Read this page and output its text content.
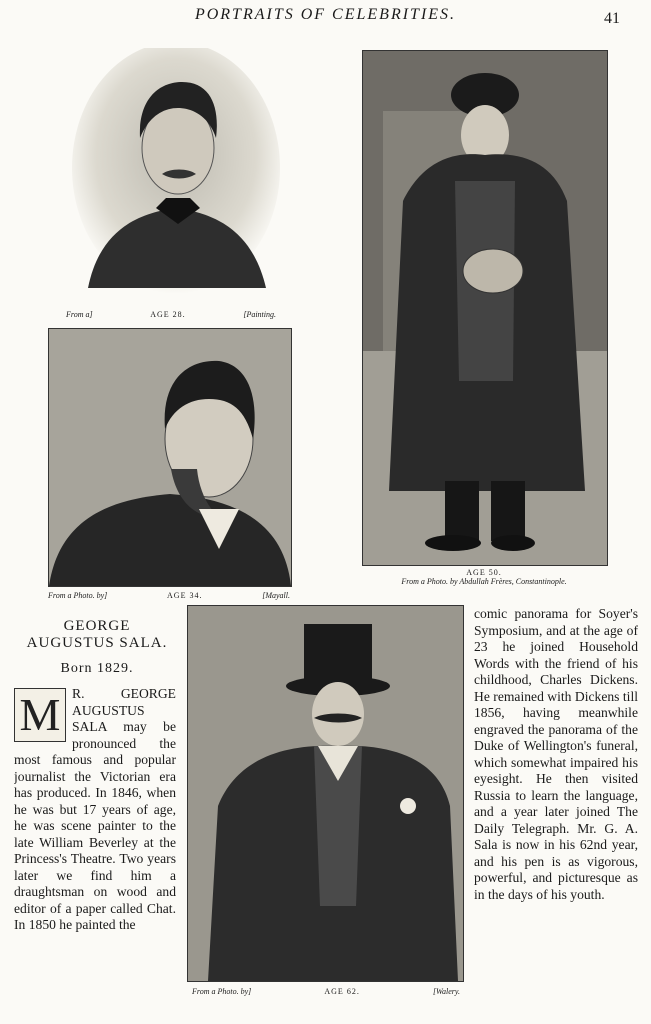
PORTRAITS OF CELEBRITIES.	41
From a]	AGE 28.	[Painting.
From a Photo. by]	AGE 34.	[Mayall.
AGE 50.
From a Photo. by Abdullah Frères, Constantinople.
GEORGE
AUGUSTUS SALA.
Born 1829.
M R. GEORGE AUGUSTUS SALA may be pronounced the most famous and popular journalist the Victorian era has produced. In 1846, when he was but 17 years of age, he was scene painter to the late William Beverley at the Princess's Theatre. Two years later we find him a draughtsman on wood and editor of a paper called Chat. In 1850 he painted the

From a Photo. by]	AGE 62.	[Walery.

comic panorama for Soyer's Symposium, and at the age of 23 he joined Household Words with the friend of his childhood, Charles Dickens. He remained with Dickens till 1856, having meanwhile engraved the panorama of the Duke of Wellington's funeral, which somewhat impaired his eyesight. He then visited Russia to learn the language, and a year later joined The Daily Telegraph. Mr. G. A. Sala is now in his 62nd year, and his pen is as vigorous, powerful, and picturesque as in the days of his youth.
